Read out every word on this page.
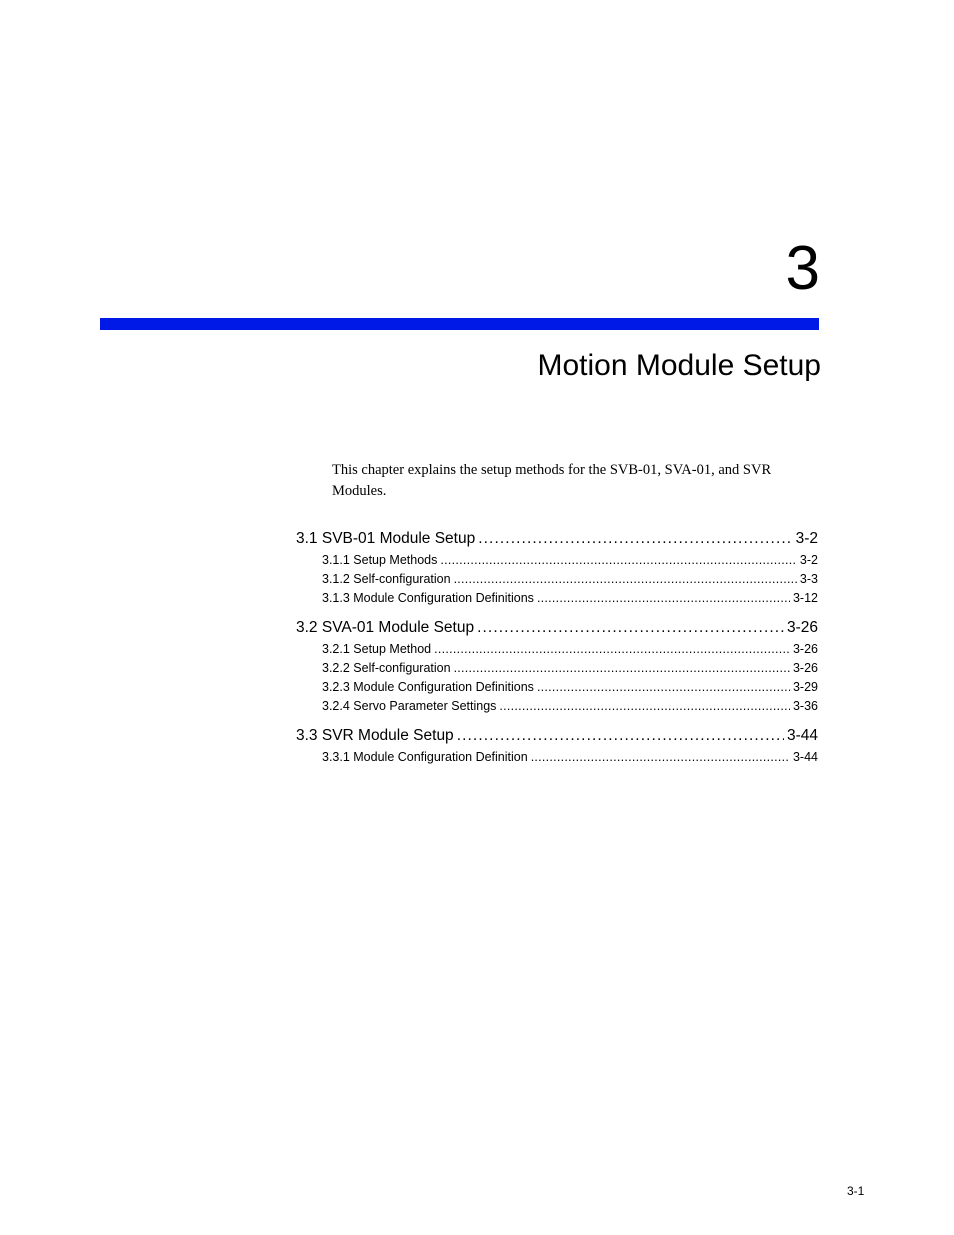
3
Motion Module Setup
This chapter explains the setup methods for the SVB-01, SVA-01, and SVR Modules.
3.1 SVB-01 Module Setup . . .	3-2
3.1.1 Setup Methods . . .	3-2
3.1.2 Self-configuration . . .	3-3
3.1.3 Module Configuration Definitions . . .	3-12
3.2 SVA-01 Module Setup . . .	3-26
3.2.1 Setup Method . . .	3-26
3.2.2 Self-configuration . . .	3-26
3.2.3 Module Configuration Definitions . . .	3-29
3.2.4 Servo Parameter Settings . . .	3-36
3.3 SVR Module Setup . . .	3-44
3.3.1 Module Configuration Definition . . .	3-44
3-1
